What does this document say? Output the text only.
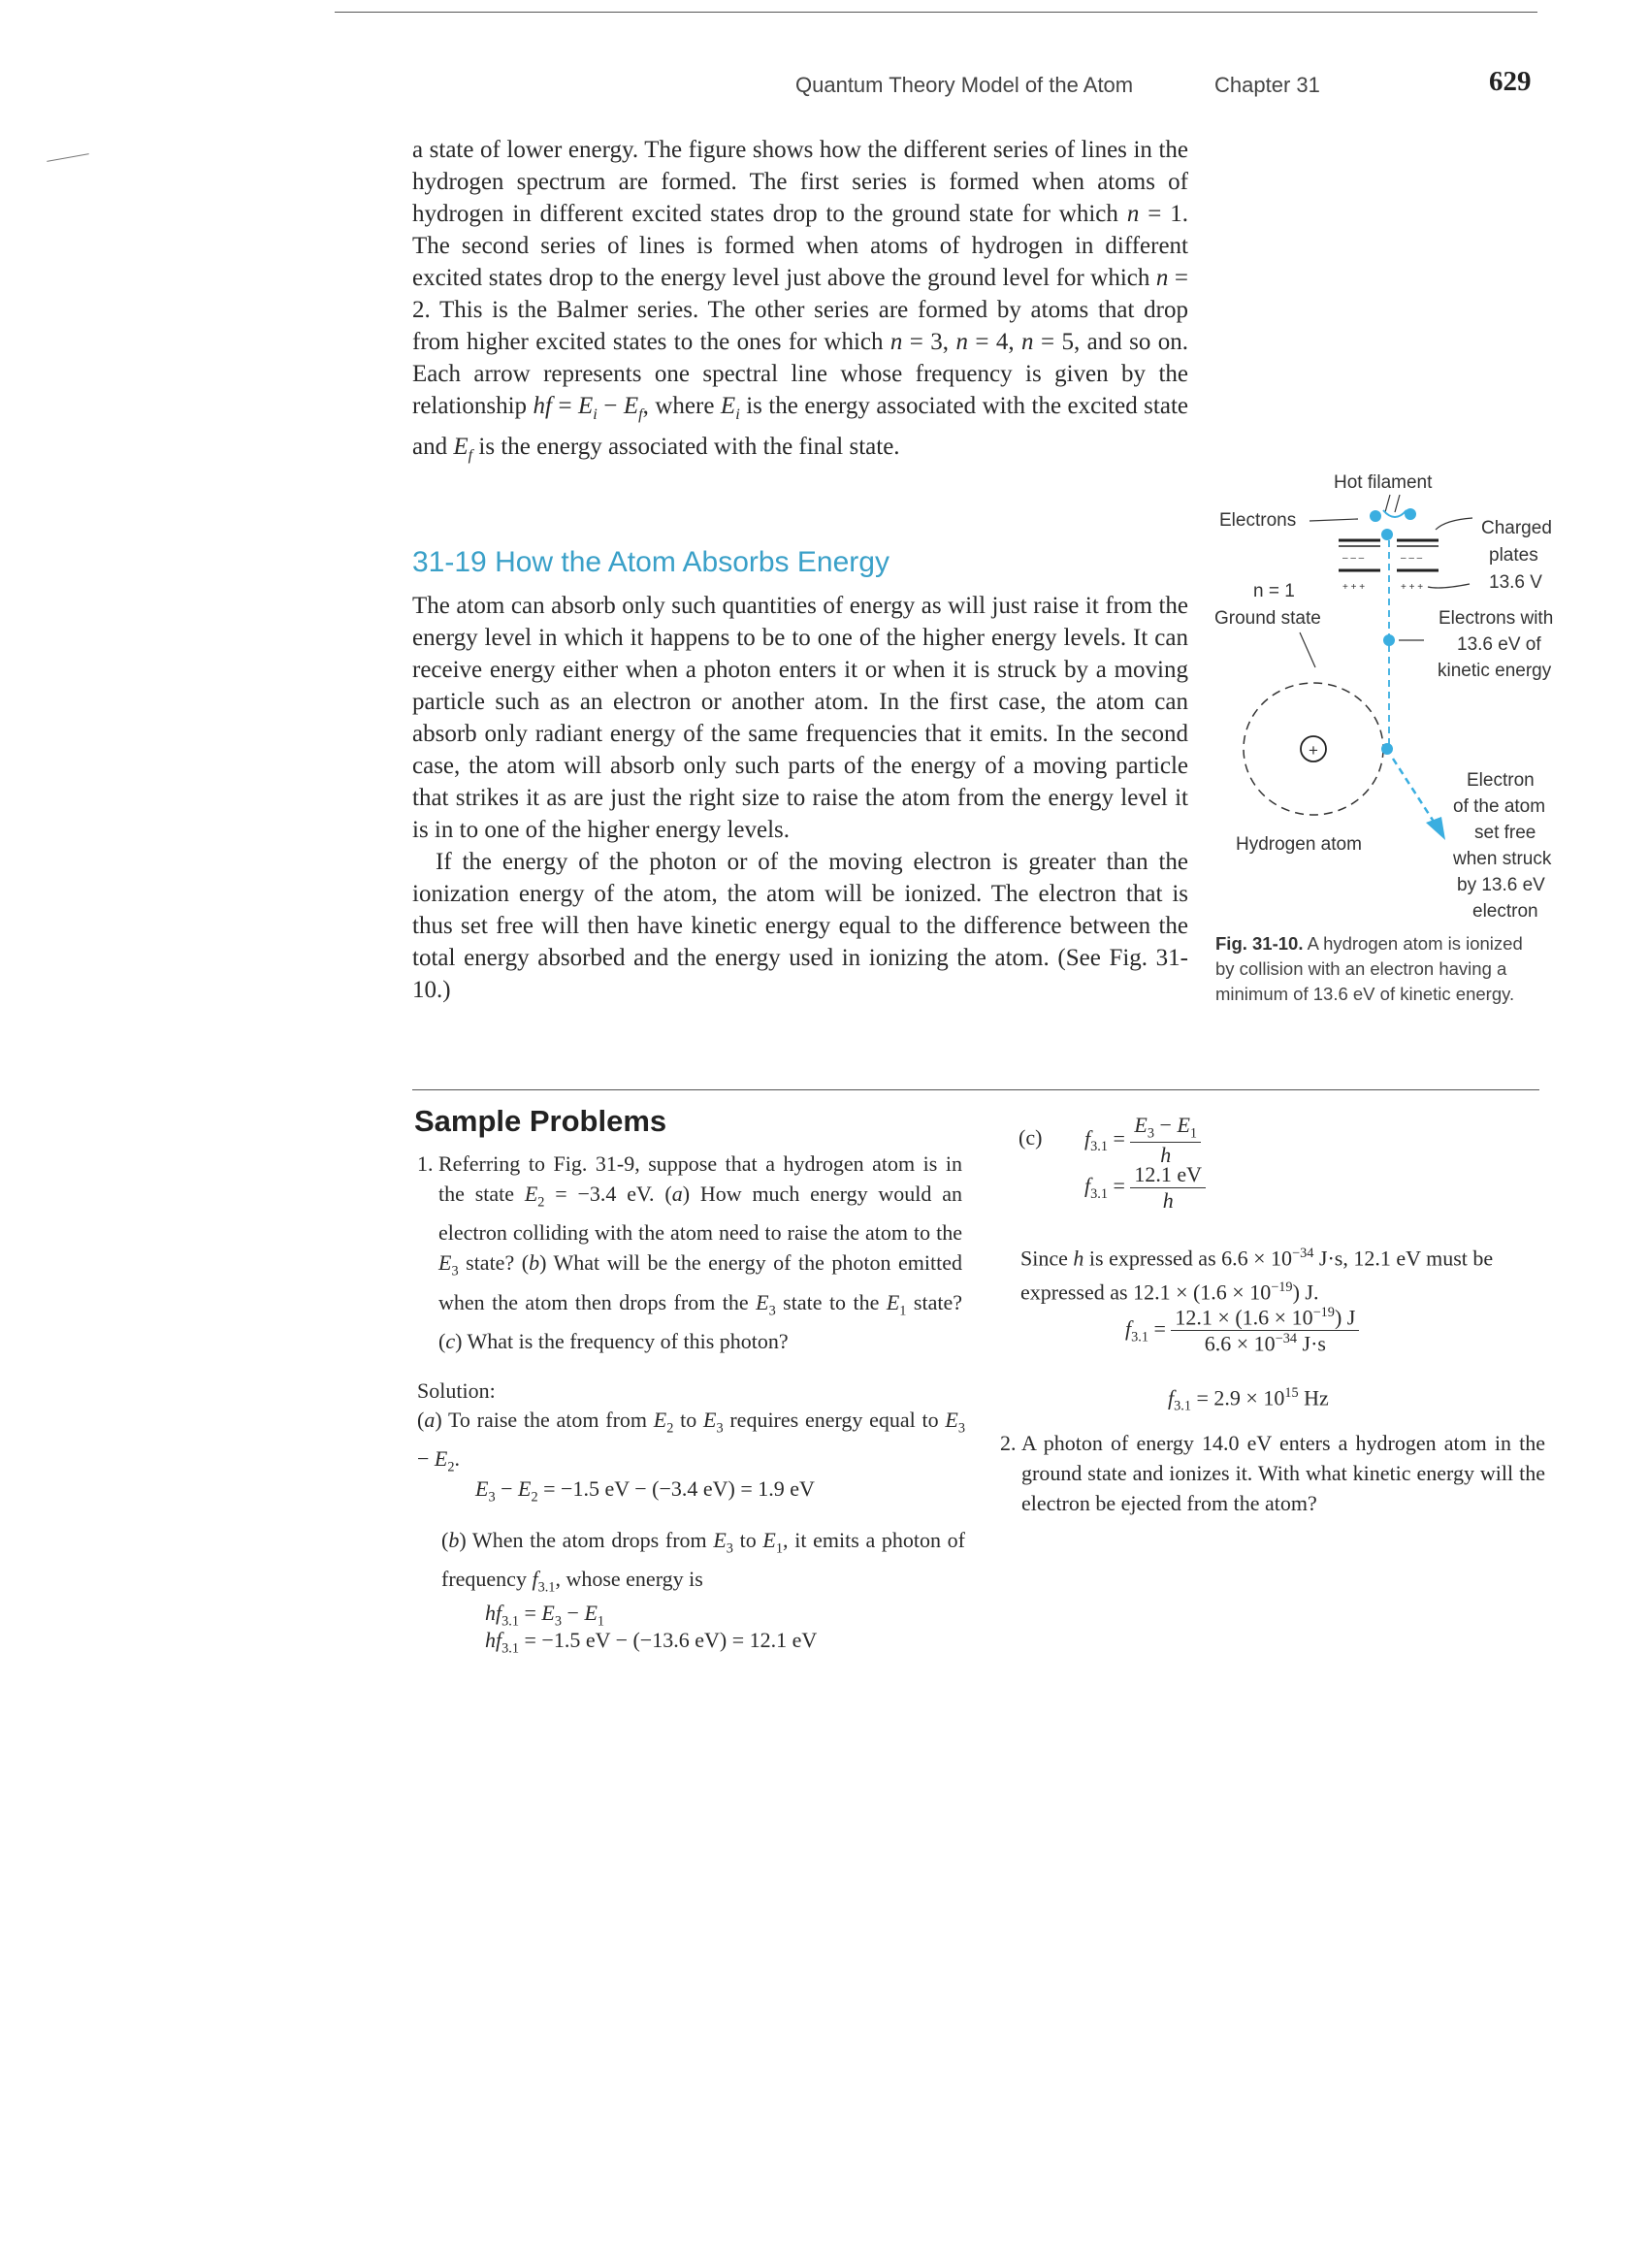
Quantum Theory Model of the Atom	Chapter 31	629

a state of lower energy. The figure shows how the different series of lines in the hydrogen spectrum are formed. The first series is formed when atoms of hydrogen in different excited states drop to the ground state for which n = 1. The second series of lines is formed when atoms of hydrogen in different excited states drop to the energy level just above the ground level for which n = 2. This is the Balmer series. The other series are formed by atoms that drop from higher excited states to the ones for which n = 3, n = 4, n = 5, and so on. Each arrow represents one spectral line whose frequency is given by the relationship hf = $E_i - E_f$, where $E_i$ is the energy associated with the excited state and $E_f$ is the energy associated with the final state.

31-19 How the Atom Absorbs Energy

The atom can absorb only such quantities of energy as will just raise it from the energy level in which it happens to be to one of the higher energy levels. It can receive energy either when a photon enters it or when it is struck by a moving particle such as an electron or another atom. In the first case, the atom can absorb only radiant energy of the same frequencies that it emits. In the second case, the atom will absorb only such parts of the energy of a moving particle that strikes it as are just the right size to raise the atom from the energy level it is in to one of the higher energy levels.

If the energy of the photon or of the moving electron is greater than the ionization energy of the atom, the atom will be ionized. The electron that is thus set free will then have kinetic energy equal to the difference between the total energy absorbed and the energy used in ionizing the atom. (See Fig. 31-10.)

Hot filament
Electrons
– – –	– – –
+ + +	+ + +
Charged
plates
13.6 V
n = 1
Ground state	Electrons with
13.6 eV of
kinetic energy
+
Hydrogen atom
Electron
of the atom
set free
when struck
by 13.6 eV
electron
Fig. 31-10. A hydrogen atom is ionized by collision with an electron having a minimum of 13.6 eV of kinetic energy.
Sample Problems
1. Referring to Fig. 31-9, suppose that a hydrogen atom is in the state $E_2 = -3.4$ eV. (a) How much energy would an electron colliding with the atom need to raise the atom to the $E_3$ state? (b) What will be the energy of the photon emitted when the atom then drops from the $E_3$ state to the $E_1$ state? (c) What is the frequency of this photon?
Solution:
(a) To raise the atom from $E_2$ to $E_3$ requires energy equal to $E_3 - E_2$.
$E_3 - E_2 = -1.5$ eV − (−3.4 eV) = 1.9 eV
(b) When the atom drops from $E_3$ to $E_1$, it emits a photon of frequency $f_{3.1}$, whose energy is
$hf_{3.1} = E_3 - E_1$
$hf_{3.1} = -1.5$ eV − (−13.6 eV) = 12.1 eV
(c) $f_{3.1} = \frac{E_3 - E_1}{h}$
$f_{3.1} = \frac{12.1 eV}{h}$
Since h is expressed as $6.6 \times 10^{-34}$ J·s, 12.1 eV must be expressed as $12.1 \times (1.6 \times 10^{-19})$ J.
$f_{3.1} = \frac{12.1 \times (1.6 \times 10^{-19}) J}{6.6 \times 10^{-34} J\cdot s}$
$f_{3.1} = 2.9 \times 10^{15}$ Hz
2. A photon of energy 14.0 eV enters a hydrogen atom in the ground state and ionizes it. With what kinetic energy will the electron be ejected from the atom?
